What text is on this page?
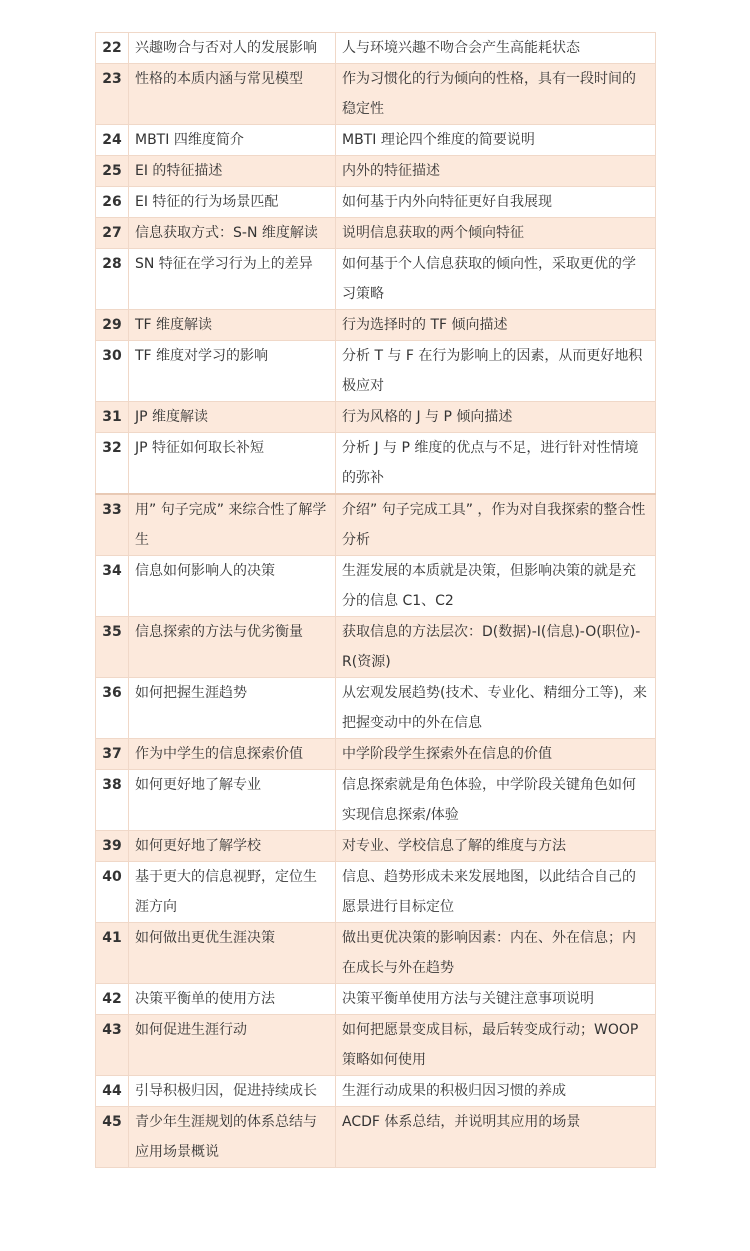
22	兴趣吻合与否对人的发展影响	人与环境兴趣不吻合会产生高能耗状态
23	性格的本质内涵与常见模型	作为习惯化的行为倾向的性格，具有一段时间的稳定性
24	MBTI 四维度简介	MBTI 理论四个维度的简要说明
25	EI 的特征描述	内外的特征描述
26	EI 特征的行为场景匹配	如何基于内外向特征更好自我展现
27	信息获取方式：S-N 维度解读	说明信息获取的两个倾向特征
28	SN 特征在学习行为上的差异	如何基于个人信息获取的倾向性，采取更优的学习策略
29	TF 维度解读	行为选择时的 TF 倾向描述
30	TF 维度对学习的影响	分析 T 与 F 在行为影响上的因素，从而更好地积极应对
31	JP 维度解读	行为风格的 J 与 P 倾向描述
32	JP 特征如何取长补短	分析 J 与 P 维度的优点与不足，进行针对性情境的弥补
33	用” 句子完成” 来综合性了解学生	介绍” 句子完成工具” ，作为对自我探索的整合性分析
34	信息如何影响人的决策	生涯发展的本质就是决策，但影响决策的就是充分的信息 C1、C2
35	信息探索的方法与优劣衡量	获取信息的方法层次：D(数据)-I(信息)-O(职位)-R(资源)
36	如何把握生涯趋势	从宏观发展趋势(技术、专业化、精细分工等)，来把握变动中的外在信息
37	作为中学生的信息探索价值	中学阶段学生探索外在信息的价值
38	如何更好地了解专业	信息探索就是角色体验，中学阶段关键角色如何实现信息探索/体验
39	如何更好地了解学校	对专业、学校信息了解的维度与方法
40	基于更大的信息视野，定位生涯方向	信息、趋势形成未来发展地图，以此结合自己的愿景进行目标定位
41	如何做出更优生涯决策	做出更优决策的影响因素：内在、外在信息；内在成长与外在趋势
42	决策平衡单的使用方法	决策平衡单使用方法与关键注意事项说明
43	如何促进生涯行动	如何把愿景变成目标，最后转变成行动；WOOP 策略如何使用
44	引导积极归因，促进持续成长	生涯行动成果的积极归因习惯的养成
45	青少年生涯规划的体系总结与应用场景概说	ACDF 体系总结，并说明其应用的场景
